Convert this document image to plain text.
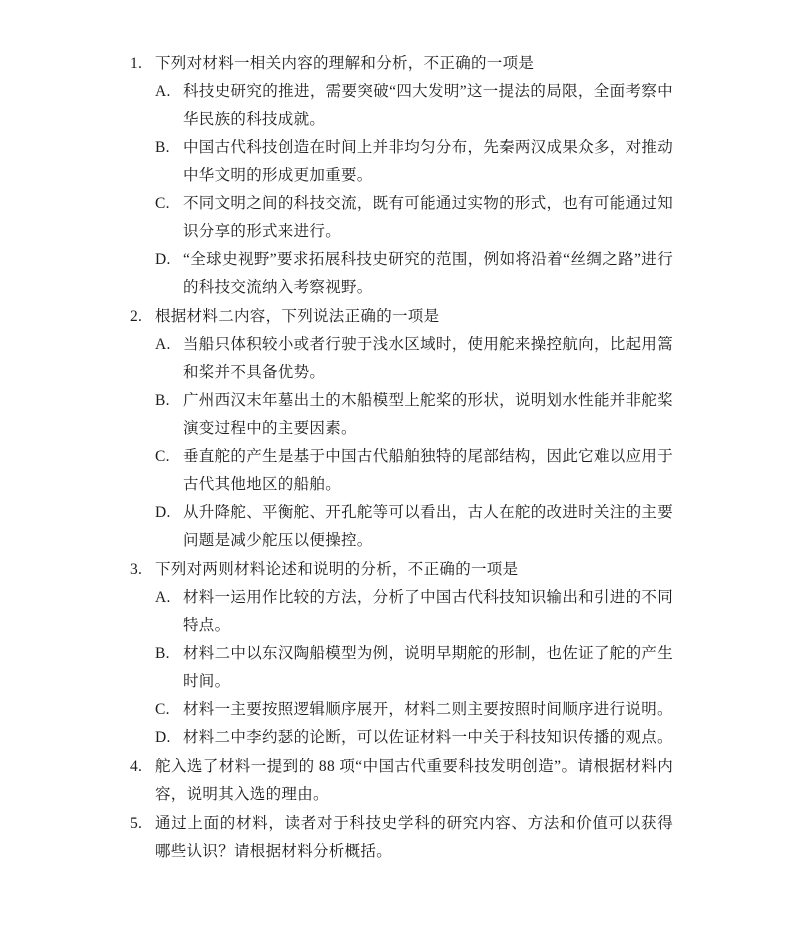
1. 下列对材料一相关内容的理解和分析，不正确的一项是
A. 科技史研究的推进，需要突破“四大发明”这一提法的局限，全面考察中华民族的科技成就。
B. 中国古代科技创造在时间上并非均匀分布，先秦两汉成果众多，对推动中华文明的形成更加重要。
C. 不同文明之间的科技交流，既有可能通过实物的形式，也有可能通过知识分享的形式来进行。
D. “全球史视野”要求拓展科技史研究的范围，例如将沿着“丝绸之路”进行的科技交流纳入考察视野。
2. 根据材料二内容，下列说法正确的一项是
A. 当船只体积较小或者行驶于浅水区域时，使用舵来操控航向，比起用篙和桨并不具备优势。
B. 广州西汉末年墓出土的木船模型上舵桨的形状，说明划水性能并非舵桨演变过程中的主要因素。
C. 垂直舵的产生是基于中国古代船舶独特的尾部结构，因此它难以应用于古代其他地区的船舶。
D. 从升降舵、平衡舵、开孔舵等可以看出，古人在舵的改进时关注的主要问题是减少舵压以便操控。
3. 下列对两则材料论述和说明的分析，不正确的一项是
A. 材料一运用作比较的方法，分析了中国古代科技知识输出和引进的不同特点。
B. 材料二中以东汉陶船模型为例，说明早期舵的形制，也佐证了舵的产生时间。
C. 材料一主要按照逻辑顺序展开，材料二则主要按照时间顺序进行说明。
D. 材料二中李约瑟的论断，可以佐证材料一中关于科技知识传播的观点。
4. 舵入选了材料一提到的 88 项“中国古代重要科技发明创造”。请根据材料内容，说明其入选的理由。
5. 通过上面的材料，读者对于科技史学科的研究内容、方法和价值可以获得哪些认识？请根据材料分析概括。
